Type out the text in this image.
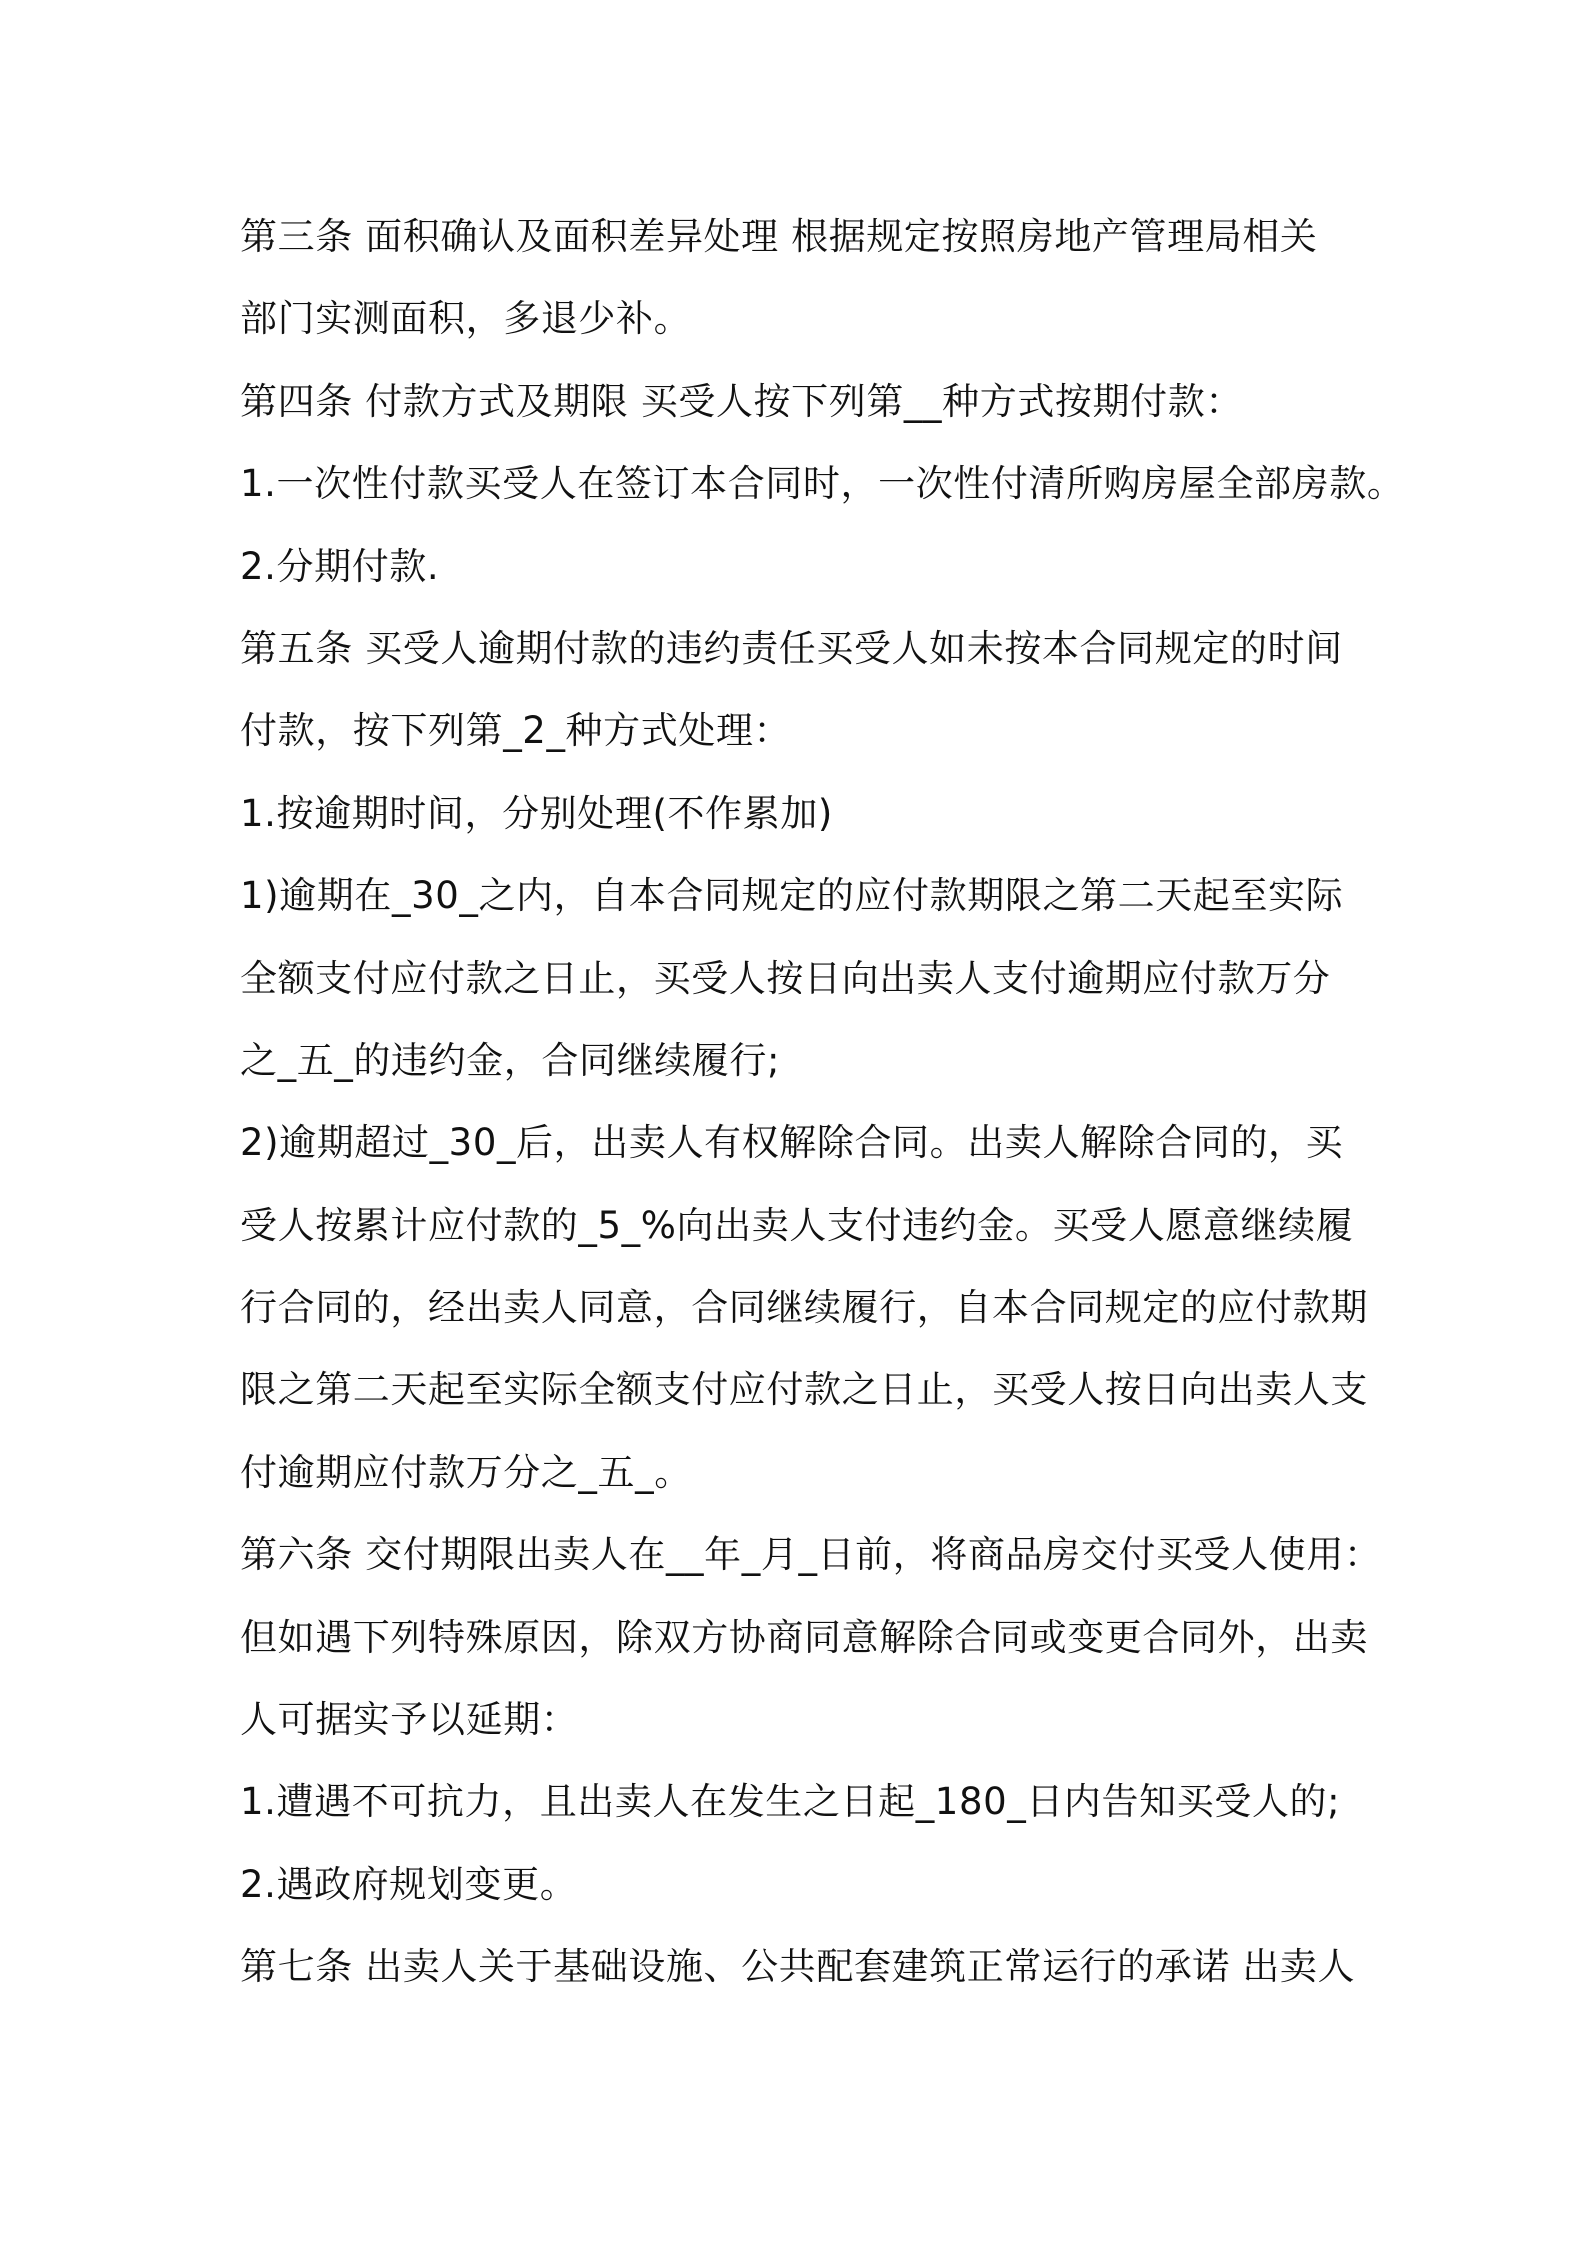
第三条 面积确认及面积差异处理 根据规定按照房地产管理局相关
部门实测面积，多退少补。
第四条 付款方式及期限 买受人按下列第__种方式按期付款：
1.一次性付款买受人在签订本合同时，一次性付清所购房屋全部房款。
2.分期付款.
第五条 买受人逾期付款的违约责任买受人如未按本合同规定的时间
付款，按下列第_2_种方式处理：
1.按逾期时间，分别处理(不作累加)
1)逾期在_30_之内，自本合同规定的应付款期限之第二天起至实际
全额支付应付款之日止，买受人按日向出卖人支付逾期应付款万分
之_五_的违约金，合同继续履行;
2)逾期超过_30_后，出卖人有权解除合同。出卖人解除合同的，买
受人按累计应付款的_5_%向出卖人支付违约金。买受人愿意继续履
行合同的，经出卖人同意，合同继续履行，自本合同规定的应付款期
限之第二天起至实际全额支付应付款之日止，买受人按日向出卖人支
付逾期应付款万分之_五_。
第六条 交付期限出卖人在__年_月_日前，将商品房交付买受人使用：
但如遇下列特殊原因，除双方协商同意解除合同或变更合同外，出卖
人可据实予以延期：
1.遭遇不可抗力，且出卖人在发生之日起_180_日内告知买受人的;
2.遇政府规划变更。
第七条 出卖人关于基础设施、公共配套建筑正常运行的承诺 出卖人
